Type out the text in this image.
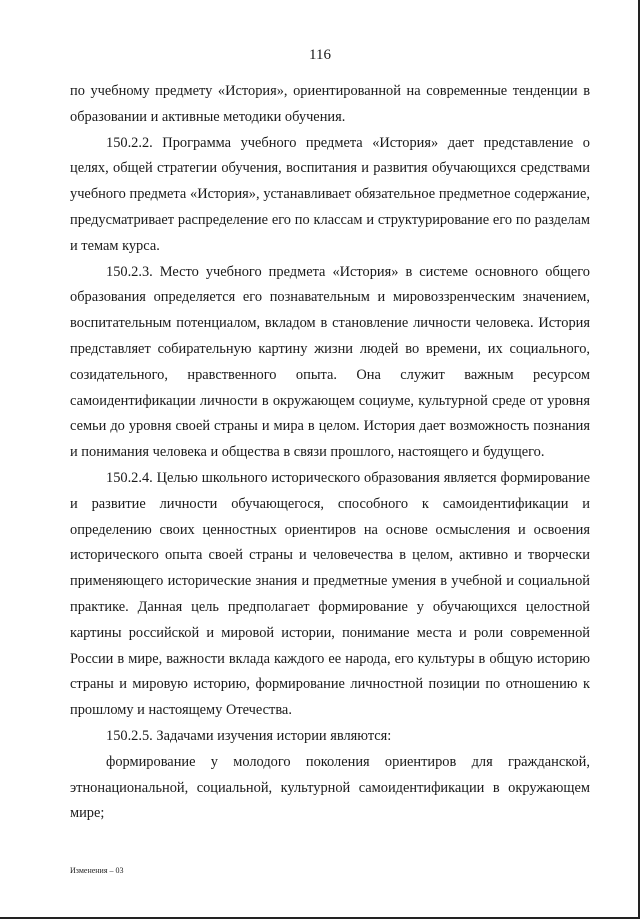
116

по учебному предмету «История», ориентированной на современные тенденции в образовании и активные методики обучения.

150.2.2. Программа учебного предмета «История» дает представление о целях, общей стратегии обучения, воспитания и развития обучающихся средствами учебного предмета «История», устанавливает обязательное предметное содержание, предусматривает распределение его по классам и структурирование его по разделам и темам курса.

150.2.3. Место учебного предмета «История» в системе основного общего образования определяется его познавательным и мировоззренческим значением, воспитательным потенциалом, вкладом в становление личности человека. История представляет собирательную картину жизни людей во времени, их социального, созидательного, нравственного опыта. Она служит важным ресурсом самоидентификации личности в окружающем социуме, культурной среде от уровня семьи до уровня своей страны и мира в целом. История дает возможность познания и понимания человека и общества в связи прошлого, настоящего и будущего.

150.2.4. Целью школьного исторического образования является формирование и развитие личности обучающегося, способного к самоидентификации и определению своих ценностных ориентиров на основе осмысления и освоения исторического опыта своей страны и человечества в целом, активно и творчески применяющего исторические знания и предметные умения в учебной и социальной практике. Данная цель предполагает формирование у обучающихся целостной картины российской и мировой истории, понимание места и роли современной России в мире, важности вклада каждого ее народа, его культуры в общую историю страны и мировую историю, формирование личностной позиции по отношению к прошлому и настоящему Отечества.

150.2.5. Задачами изучения истории являются:

формирование у молодого поколения ориентиров для гражданской, этнонациональной, социальной, культурной самоидентификации в окружающем мире;

Изменения – 03
